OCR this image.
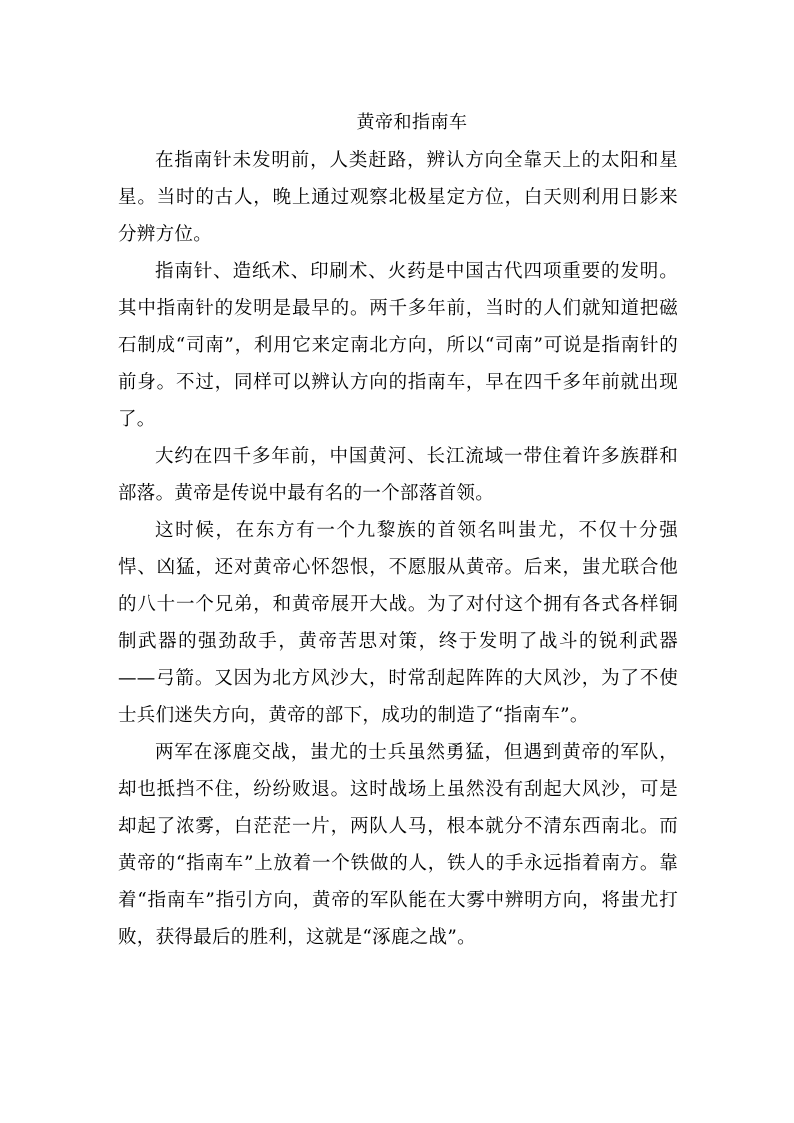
黄帝和指南车

在指南针未发明前，人类赶路，辨认方向全靠天上的太阳和星星。当时的古人，晚上通过观察北极星定方位，白天则利用日影来分辨方位。

指南针、造纸术、印刷术、火药是中国古代四项重要的发明。其中指南针的发明是最早的。两千多年前，当时的人们就知道把磁石制成“司南”，利用它来定南北方向，所以“司南”可说是指南针的前身。不过，同样可以辨认方向的指南车，早在四千多年前就出现了。

大约在四千多年前，中国黄河、长江流域一带住着许多族群和部落。黄帝是传说中最有名的一个部落首领。

这时候，在东方有一个九黎族的首领名叫蚩尤，不仅十分强悍、凶猛，还对黄帝心怀怨恨，不愿服从黄帝。后来，蚩尤联合他的八十一个兄弟，和黄帝展开大战。为了对付这个拥有各式各样铜制武器的强劲敌手，黄帝苦思对策，终于发明了战斗的锐利武器——弓箭。又因为北方风沙大，时常刮起阵阵的大风沙，为了不使士兵们迷失方向，黄帝的部下，成功的制造了“指南车”。

两军在涿鹿交战，蚩尤的士兵虽然勇猛，但遇到黄帝的军队，却也抵挡不住，纷纷败退。这时战场上虽然没有刮起大风沙，可是却起了浓雾，白茫茫一片，两队人马，根本就分不清东西南北。而黄帝的“指南车”上放着一个铁做的人，铁人的手永远指着南方。靠着“指南车”指引方向，黄帝的军队能在大雾中辨明方向，将蚩尤打败，获得最后的胜利，这就是“涿鹿之战”。
